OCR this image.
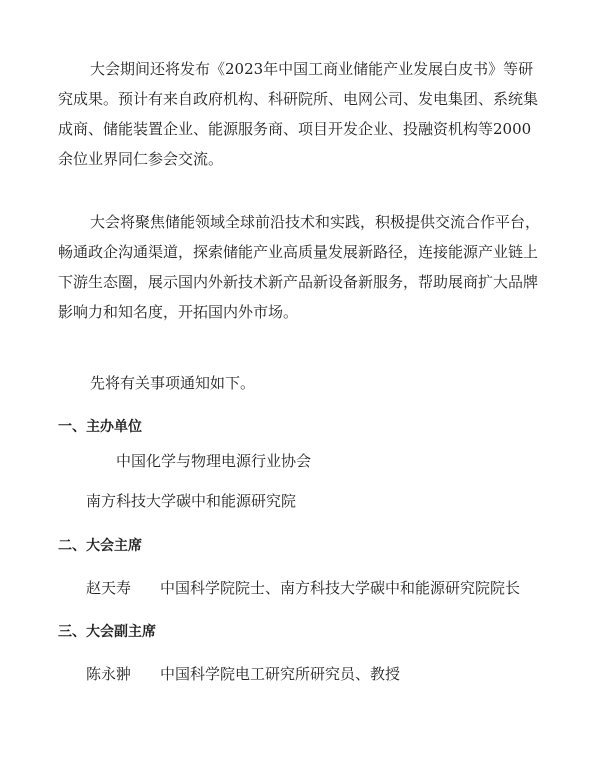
大会期间还将发布《2023年中国工商业储能产业发展白皮书》等研究成果。预计有来自政府机构、科研院所、电网公司、发电集团、系统集成商、储能装置企业、能源服务商、项目开发企业、投融资机构等2000余位业界同仁参会交流。

大会将聚焦储能领域全球前沿技术和实践，积极提供交流合作平台，畅通政企沟通渠道，探索储能产业高质量发展新路径，连接能源产业链上下游生态圈，展示国内外新技术新产品新设备新服务，帮助展商扩大品牌影响力和知名度，开拓国内外市场。

先将有关事项通知如下。

一、主办单位

中国化学与物理电源行业协会

南方科技大学碳中和能源研究院

二、大会主席

赵天寿 中国科学院院士、南方科技大学碳中和能源研究院院长

三、大会副主席

陈永翀 中国科学院电工研究所研究员、教授
